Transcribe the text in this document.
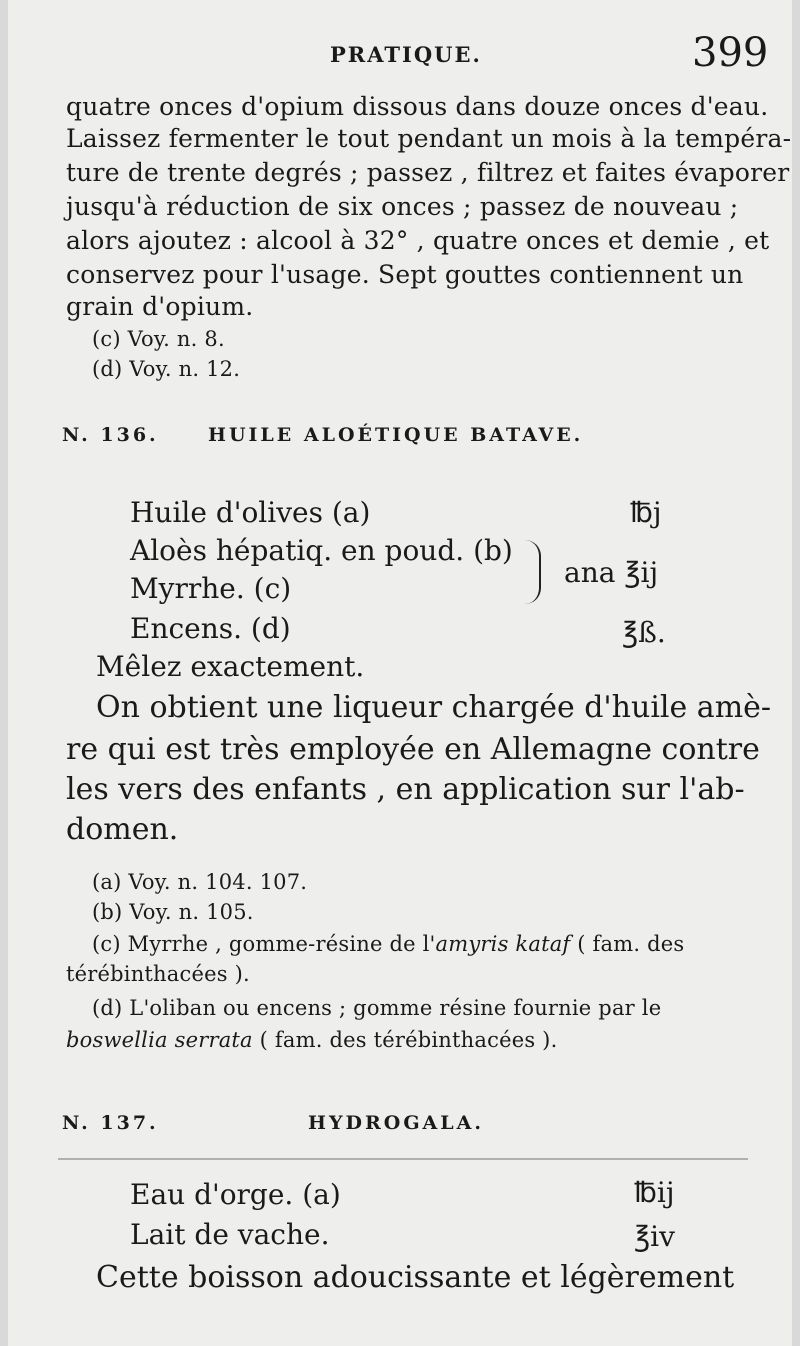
PRATIQUE.	399
quatre onces d'opium dissous dans douze onces d'eau.
Laissez fermenter le tout pendant un mois à la tempéra-
ture de trente degrés ; passez , filtrez et faites évaporer
jusqu'à réduction de six onces ; passez de nouveau ;
alors ajoutez : alcool à 32° , quatre onces et demie , et
conservez pour l'usage. Sept gouttes contiennent un
grain d'opium.
(c) Voy. n. 8.
(d) Voy. n. 12.
N. 136.	HUILE ALOÉTIQUE BATAVE.
Huile d'olives (a)	℔j
Aloès hépatiq. en poud. (b)
Myrrhe. (c)	ana ℥ij
Encens. (d)	℥ß.
Mêlez exactement.
On obtient une liqueur chargée d'huile amè-
re qui est très employée en Allemagne contre
les vers des enfants , en application sur l'ab-
domen.
(a) Voy. n. 104. 107.
(b) Voy. n. 105.
(c) Myrrhe , gomme-résine de l'amyris kataf ( fam. des
térébinthacées ).
(d) L'oliban ou encens ; gomme résine fournie par le
boswellia serrata ( fam. des térébinthacées ).
N. 137.	HYDROGALA.
Eau d'orge. (a)	℔ij
Lait de vache.	℥iv
Cette boisson adoucissante et légèrement
